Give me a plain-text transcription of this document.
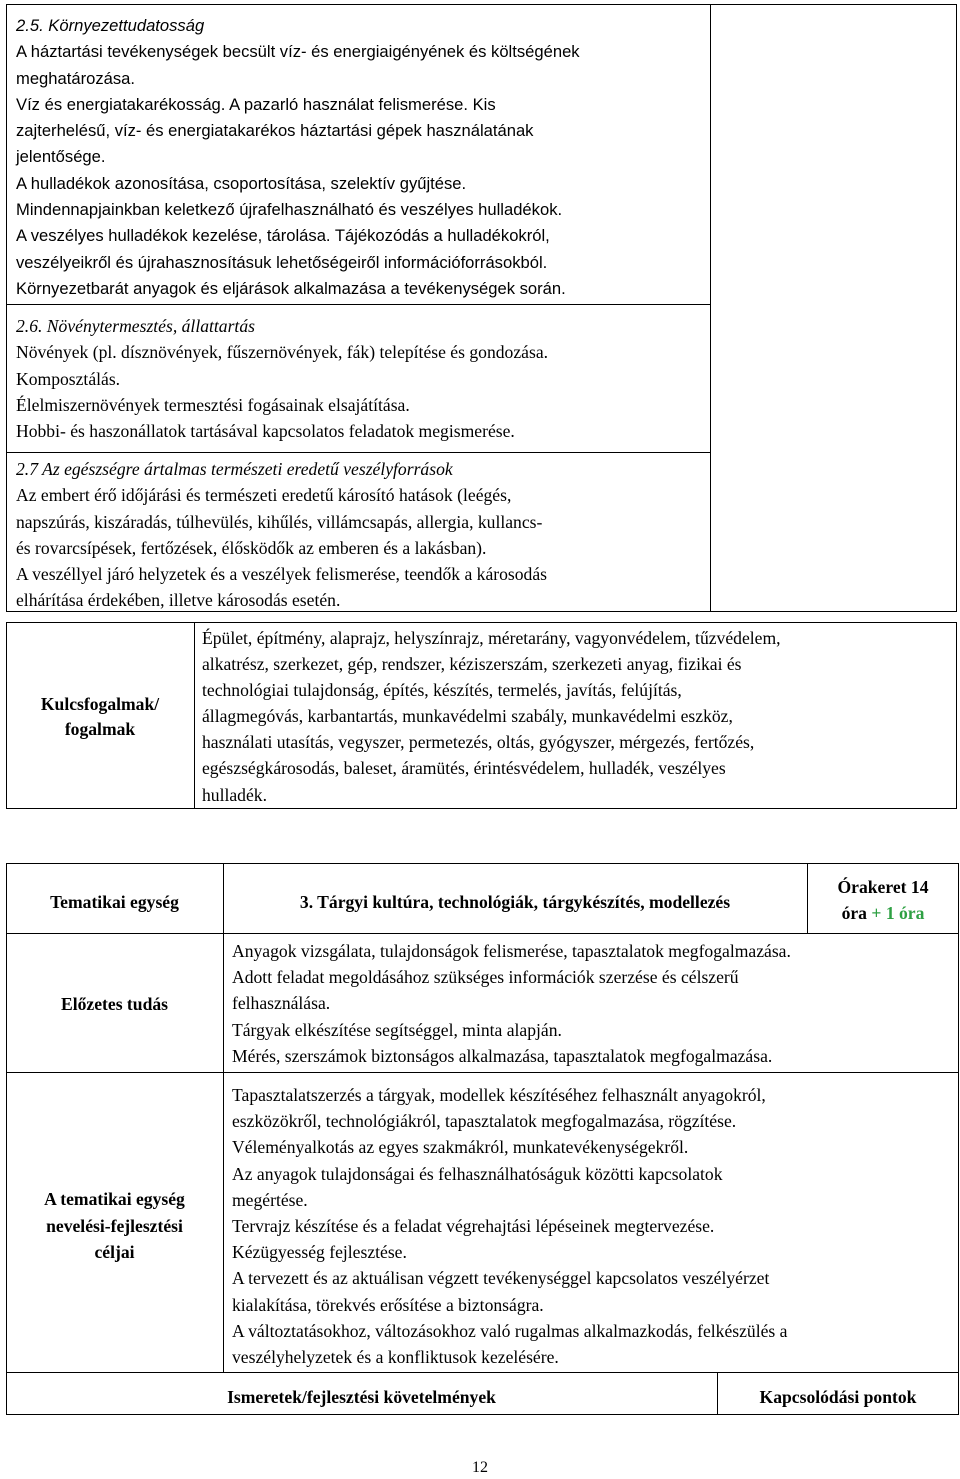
2.5. Környezettudatosság
A háztartási tevékenységek becsült víz- és energiaigényének és költségének
meghatározása.
Víz és energiatakarékosság. A pazarló használat felismerése. Kis
zajterhelésű, víz- és energiatakarékos háztartási gépek használatának
jelentősége.
A hulladékok azonosítása, csoportosítása, szelektív gyűjtése.
Mindennapjainkban keletkező újrafelhasználható és veszélyes hulladékok.
A veszélyes hulladékok kezelése, tárolása. Tájékozódás a hulladékokról,
veszélyeikről és újrahasznosításuk lehetőségeiről információforrásokból.
Környezetbarát anyagok és eljárások alkalmazása a tevékenységek során.
2.6. Növénytermesztés, állattartás
Növények (pl. dísznövények, fűszernövények, fák) telepítése és gondozása.
Komposztálás.
Élelmiszernövények termesztési fogásainak elsajátítása.
Hobbi- és haszonállatok tartásával kapcsolatos feladatok megismerése.
2.7 Az egészségre ártalmas természeti eredetű veszélyforrások
Az embert érő időjárási és természeti eredetű károsító hatások (leégés,
napszúrás, kiszáradás, túlhevülés, kihűlés, villámcsapás, allergia, kullancs-
és rovarcsípések, fertőzések, élősködők az emberen és a lakásban).
A veszéllyel járó helyzetek és a veszélyek felismerése, teendők a károsodás
elhárítása érdekében, illetve károsodás esetén.
Kulcsfogalmak/
fogalmak
Épület, építmény, alaprajz, helyszínrajz, méretarány, vagyonvédelem, tűzvédelem,
alkatrész, szerkezet, gép, rendszer, kéziszerszám, szerkezeti anyag, fizikai és
technológiai tulajdonság, építés, készítés, termelés, javítás, felújítás,
állagmegóvás, karbantartás, munkavédelmi szabály, munkavédelmi eszköz,
használati utasítás, vegyszer, permetezés, oltás, gyógyszer, mérgezés, fertőzés,
egészségkárosodás, baleset, áramütés, érintésvédelem, hulladék, veszélyes
hulladék.
Tematikai egység	3. Tárgyi kultúra, technológiák, tárgykészítés, modellezés
Órakeret 14
óra + 1 óra
Előzetes tudás
Anyagok vizsgálata, tulajdonságok felismerése, tapasztalatok megfogalmazása.
Adott feladat megoldásához szükséges információk szerzése és célszerű
felhasználása.
Tárgyak elkészítése segítséggel, minta alapján.
Mérés, szerszámok biztonságos alkalmazása, tapasztalatok megfogalmazása.
A tematikai egység
nevelési-fejlesztési
céljai
Tapasztalatszerzés a tárgyak, modellek készítéséhez felhasznált anyagokról,
eszközökről, technológiákról, tapasztalatok megfogalmazása, rögzítése.
Véleményalkotás az egyes szakmákról, munkatevékenységekről.
Az anyagok tulajdonságai és felhasználhatóságuk közötti kapcsolatok
megértése.
Tervrajz készítése és a feladat végrehajtási lépéseinek megtervezése.
Kézügyesség fejlesztése.
A tervezett és az aktuálisan végzett tevékenységgel kapcsolatos veszélyérzet
kialakítása, törekvés erősítése a biztonságra.
A változtatásokhoz, változásokhoz való rugalmas alkalmazkodás, felkészülés a
veszélyhelyzetek és a konfliktusok kezelésére.
Ismeretek/fejlesztési követelmények	Kapcsolódási pontok
12
